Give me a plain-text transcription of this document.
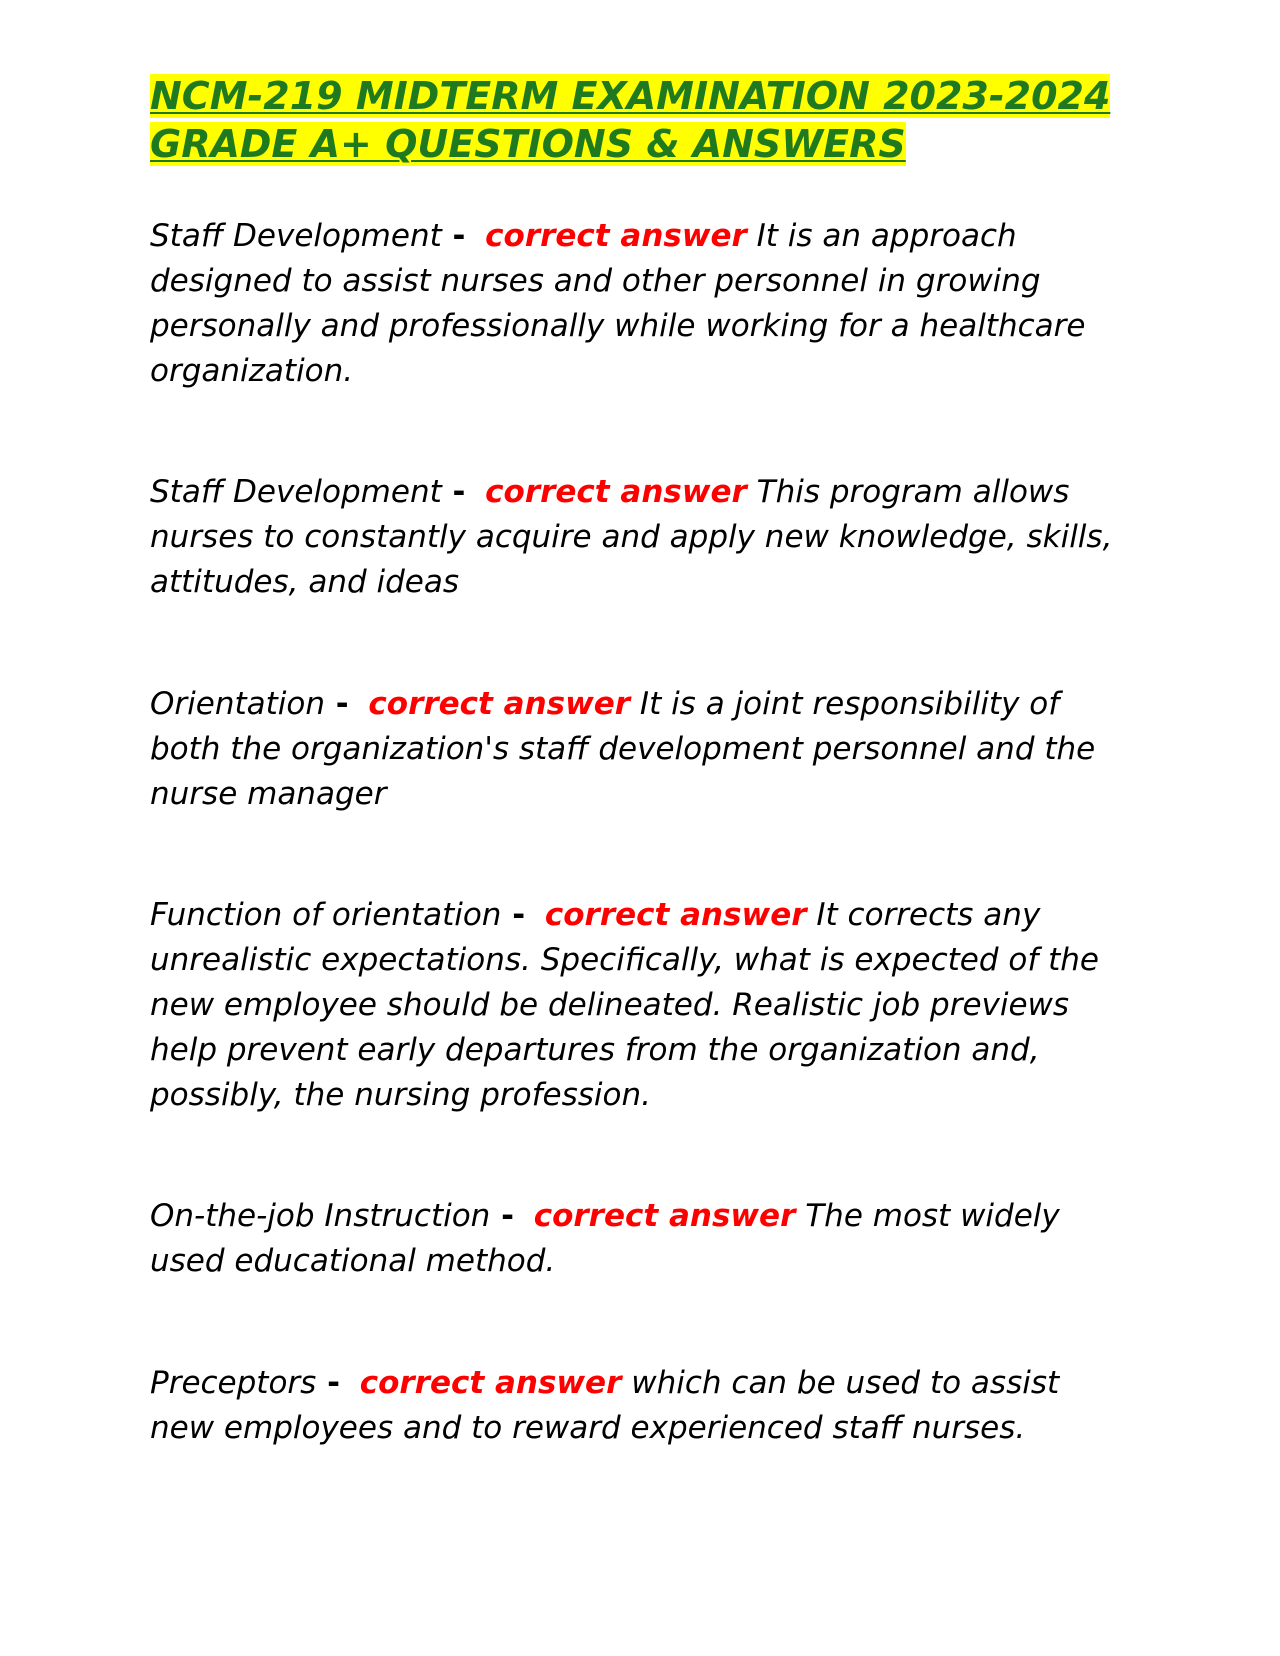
NCM-219 MIDTERM EXAMINATION 2023-2024 GRADE A+ QUESTIONS & ANSWERS

Staff Development - correct answer It is an approach designed to assist nurses and other personnel in growing personally and professionally while working for a healthcare organization.

Staff Development - correct answer This program allows nurses to constantly acquire and apply new knowledge, skills, attitudes, and ideas

Orientation - correct answer It is a joint responsibility of both the organization's staff development personnel and the nurse manager

Function of orientation - correct answer It corrects any unrealistic expectations. Specifically, what is expected of the new employee should be delineated. Realistic job previews help prevent early departures from the organization and, possibly, the nursing profession.

On-the-job Instruction - correct answer The most widely used educational method.

Preceptors - correct answer which can be used to assist new employees and to reward experienced staff nurses.
